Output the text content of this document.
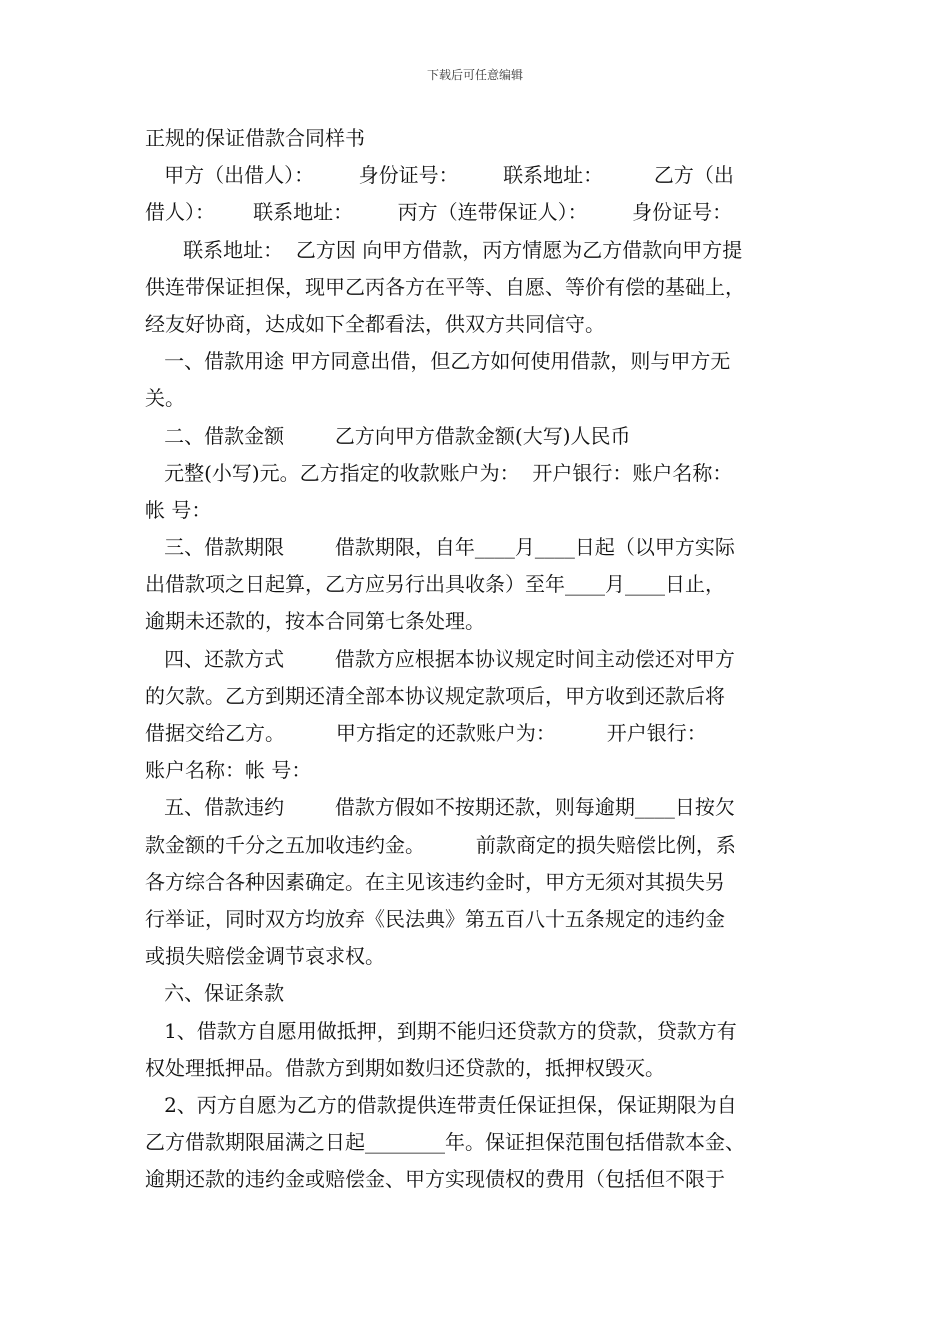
下载后可任意编辑
正规的保证借款合同样书
甲方（出借人）：       身份证号：       联系地址：        乙方（出
借人）：      联系地址：       丙方（连带保证人）：       身份证号：
联系地址：  乙方因 向甲方借款，丙方情愿为乙方借款向甲方提
供连带保证担保，现甲乙丙各方在平等、自愿、等价有偿的基础上，
经友好协商，达成如下全都看法，供双方共同信守。
一、借款用途 甲方同意出借，但乙方如何使用借款，则与甲方无
关。
二、借款金额        乙方向甲方借款金额(大写)人民币
元整(小写)元。乙方指定的收款账户为：  开户银行：账户名称：
帐 号：
三、借款期限        借款期限，自年____月____日起（以甲方实际
出借款项之日起算，乙方应另行出具收条）至年____月____日止，
逾期未还款的，按本合同第七条处理。
四、还款方式        借款方应根据本协议规定时间主动偿还对甲方
的欠款。乙方到期还清全部本协议规定款项后，甲方收到还款后将
借据交给乙方。        甲方指定的还款账户为：        开户银行：
账户名称：帐 号：
五、借款违约        借款方假如不按期还款，则每逾期____日按欠
款金额的千分之五加收违约金。        前款商定的损失赔偿比例，系
各方综合各种因素确定。在主见该违约金时，甲方无须对其损失另
行举证，同时双方均放弃《民法典》第五百八十五条规定的违约金
或损失赔偿金调节哀求权。
六、保证条款
1、借款方自愿用做抵押，到期不能归还贷款方的贷款，贷款方有
权处理抵押品。借款方到期如数归还贷款的，抵押权毁灭。
2、丙方自愿为乙方的借款提供连带责任保证担保，保证期限为自
乙方借款期限届满之日起________年。保证担保范围包括借款本金、
逾期还款的违约金或赔偿金、甲方实现债权的费用（包括但不限于
